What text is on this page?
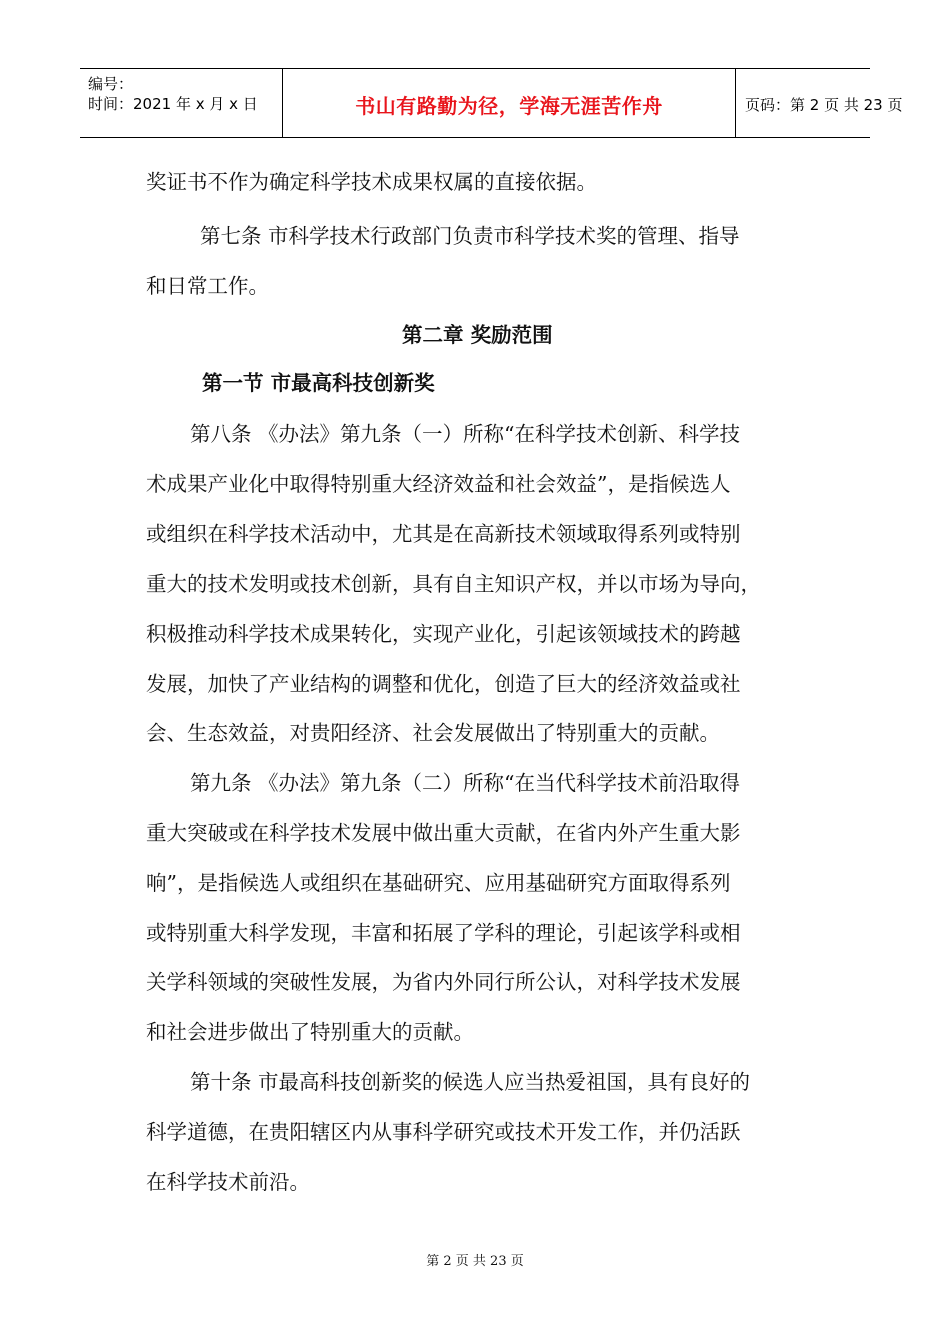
编号：
时间：2021 年 x 月 x 日	书山有路勤为径，学海无涯苦作舟	页码：第 2 页 共 23 页
奖证书不作为确定科学技术成果权属的直接依据。
第七条 市科学技术行政部门负责市科学技术奖的管理、指导
和日常工作。
第二章 奖励范围
第一节 市最高科技创新奖
第八条 《办法》第九条（一）所称“在科学技术创新、科学技
术成果产业化中取得特别重大经济效益和社会效益”，是指候选人
或组织在科学技术活动中，尤其是在高新技术领域取得系列或特别
重大的技术发明或技术创新，具有自主知识产权，并以市场为导向，
积极推动科学技术成果转化，实现产业化，引起该领域技术的跨越
发展，加快了产业结构的调整和优化，创造了巨大的经济效益或社
会、生态效益，对贵阳经济、社会发展做出了特别重大的贡献。
第九条 《办法》第九条（二）所称“在当代科学技术前沿取得
重大突破或在科学技术发展中做出重大贡献，在省内外产生重大影
响”，是指候选人或组织在基础研究、应用基础研究方面取得系列
或特别重大科学发现，丰富和拓展了学科的理论，引起该学科或相
关学科领域的突破性发展，为省内外同行所公认，对科学技术发展
和社会进步做出了特别重大的贡献。
第十条 市最高科技创新奖的候选人应当热爱祖国，具有良好的
科学道德，在贵阳辖区内从事科学研究或技术开发工作，并仍活跃
在科学技术前沿。
第 2 页 共 23 页
